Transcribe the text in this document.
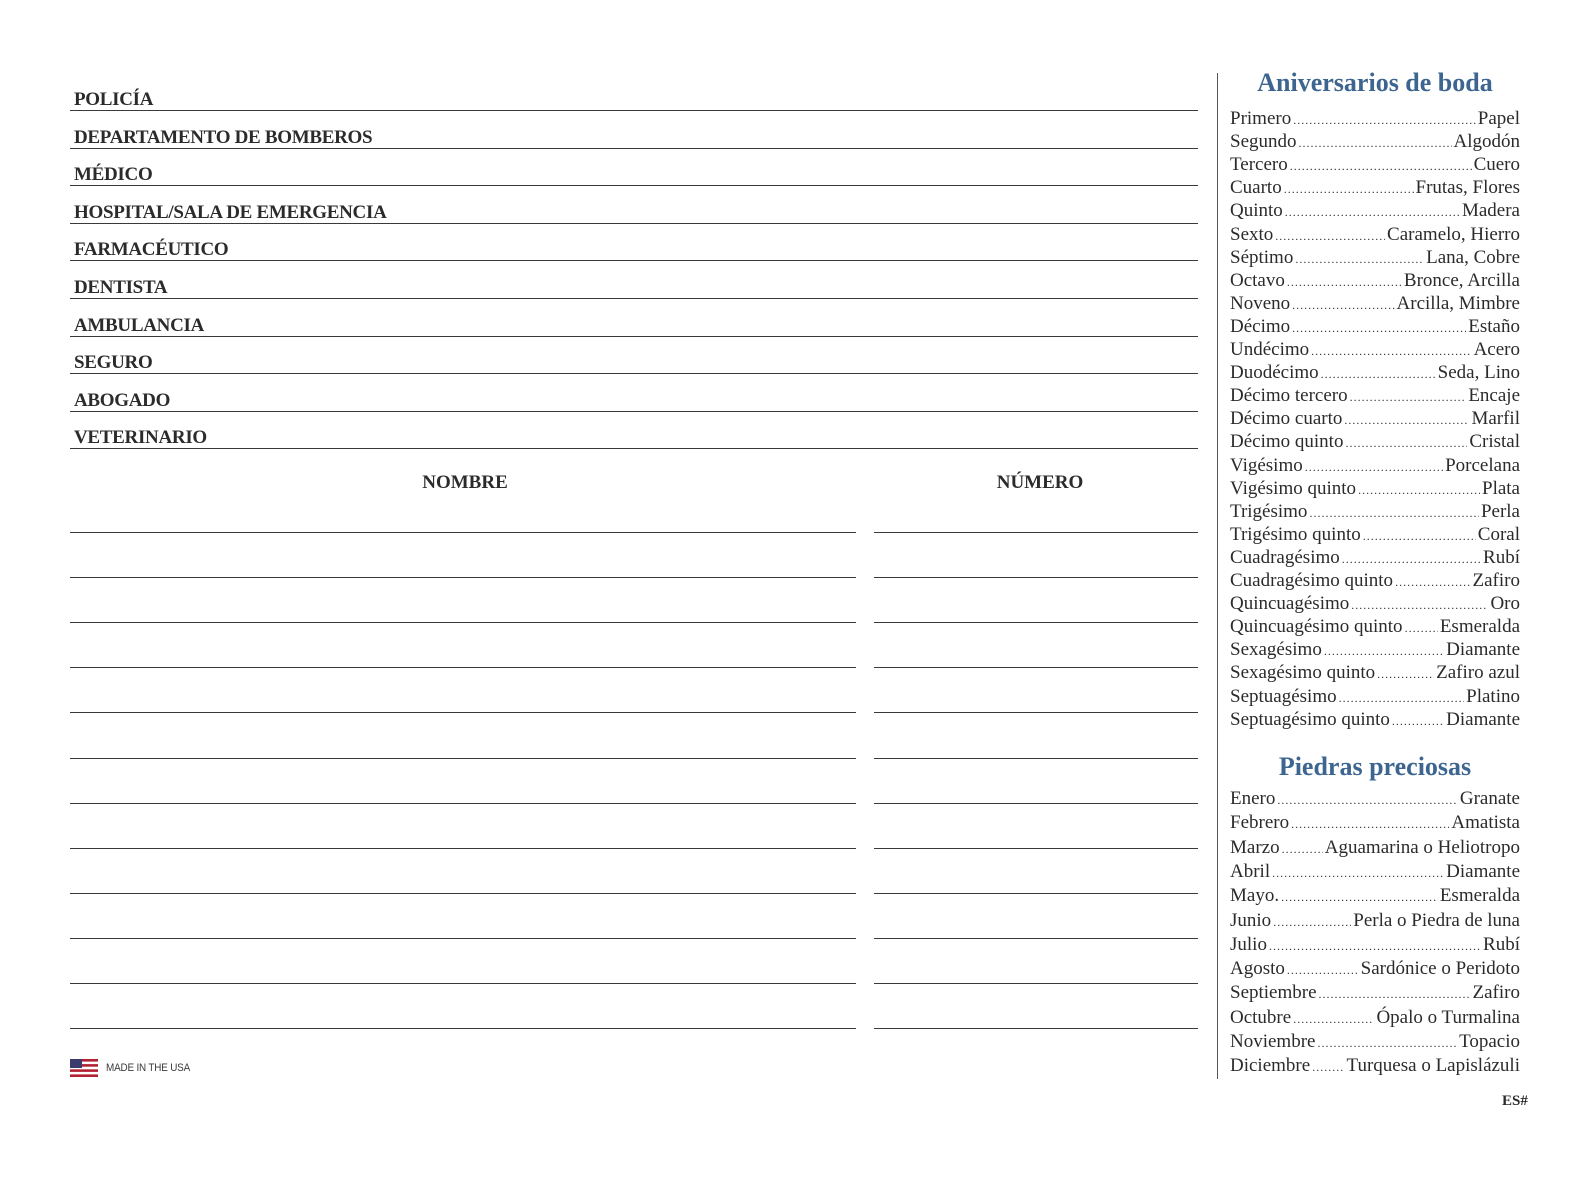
POLICÍA
DEPARTAMENTO DE BOMBEROS
MÉDICO
HOSPITAL/SALA DE EMERGENCIA
FARMACÉUTICO
DENTISTA
AMBULANCIA
SEGURO
ABOGADO
VETERINARIO
NOMBRE	NÚMERO
MADE IN THE USA
Aniversarios de boda
Primero .....	Papel
Segundo .....	Algodón
Tercero .....	Cuero
Cuarto .....	Frutas, Flores
Quinto .....	Madera
Sexto .....	Caramelo, Hierro
Séptimo .....	Lana, Cobre
Octavo .....	Bronce, Arcilla
Noveno .....	Arcilla, Mimbre
Décimo .....	Estaño
Undécimo .....	Acero
Duodécimo .....	Seda, Lino
Décimo tercero .....	Encaje
Décimo cuarto .....	Marfil
Décimo quinto .....	Cristal
Vigésimo .....	Porcelana
Vigésimo quinto .....	Plata
Trigésimo .....	Perla
Trigésimo quinto .....	Coral
Cuadragésimo .....	Rubí
Cuadragésimo quinto .....	Zafiro
Quincuagésimo .....	Oro
Quincuagésimo quinto ..... Esmeralda
Sexagésimo .....	Diamante
Sexagésimo quinto .....	Zafiro azul
Septuagésimo .....	Platino
Septuagésimo quinto .....	Diamante
Piedras preciosas
Enero .....	Granate
Febrero .....	Amatista
Marzo ..... Aguamarina o Heliotropo
Abril .....	Diamante
Mayo. .....	Esmeralda
Junio .....	Perla o Piedra de luna
Julio .....	Rubí
Agosto .....	Sardónice o Peridoto
Septiembre .....	Zafiro
Octubre .....	Ópalo o Turmalina
Noviembre .....	Topacio
Diciembre ..... Turquesa o Lapislázuli
ES#
